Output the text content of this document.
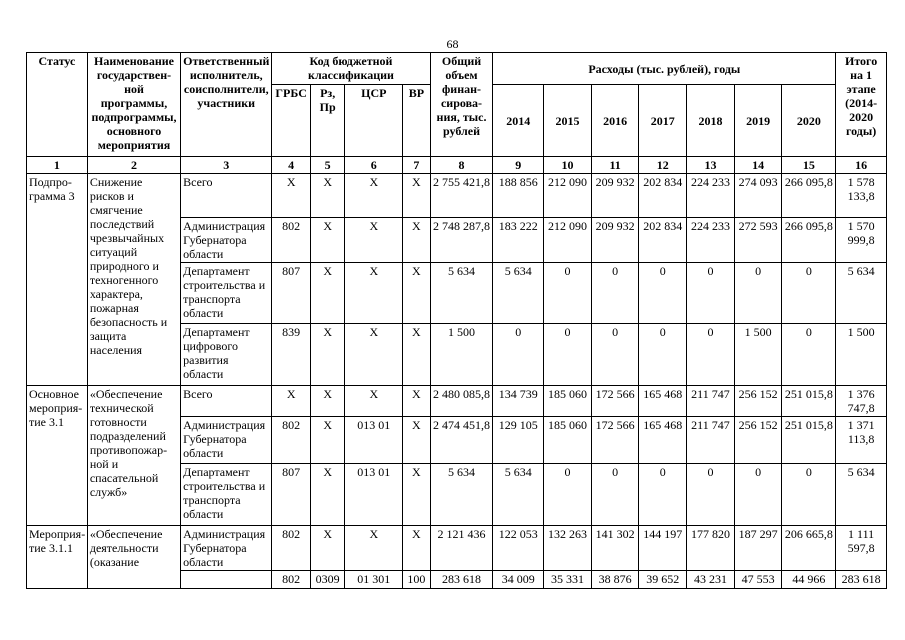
68
Статус	Наименование государствен-ной программы, подпрограммы, основного мероприятия	Ответственный исполнитель, соисполнители, участники	Код бюджетной классификации				Общий объем финан-сирова-ния, тыс. рублей	Расходы (тыс. рублей), годы							Итого на 1 этапе (2014-2020 годы)
			ГРБС	Рз, Пр	ЦСР	ВР		2014	2015	2016	2017	2018	2019	2020	
1	2	3	4	5	6	7	8	9	10	11	12	13	14	15	16
Подпро-грамма 3	Снижение рисков и смягчение последствий чрезвычайных ситуаций природного и техногенного характера, пожарная безопасность и защита населения	Всего	Х	Х	Х	Х	2 755 421,8	188 856	212 090	209 932	202 834	224 233	274 093	266 095,8	1 578 133,8
		Администрация Губернатора области	802	Х	Х	Х	2 748 287,8	183 222	212 090	209 932	202 834	224 233	272 593	266 095,8	1 570 999,8
		Департамент строительства и транспорта области	807	Х	Х	Х	5 634	5 634	0	0	0	0	0	0	5 634
		Департамент цифрового развития области	839	Х	Х	Х	1 500	0	0	0	0	0	1 500	0	1 500
Основное мероприя-тие 3.1	«Обеспечение технической готовности подразделений противопожар-ной и спасательной служб»	Всего	Х	Х	Х	Х	2 480 085,8	134 739	185 060	172 566	165 468	211 747	256 152	251 015,8	1 376 747,8
		Администрация Губернатора области	802	Х	013 01	Х	2 474 451,8	129 105	185 060	172 566	165 468	211 747	256 152	251 015,8	1 371 113,8
		Департамент строительства и транспорта области	807	Х	013 01	Х	5 634	5 634	0	0	0	0	0	0	5 634
Мероприя-тие 3.1.1	«Обеспечение деятельности (оказание	Администрация Губернатора области	802	Х	Х	Х	2 121 436	122 053	132 263	141 302	144 197	177 820	187 297	206 665,8	1 111 597,8
			802	0309	01 301	100	283 618	34 009	35 331	38 876	39 652	43 231	47 553	44 966	283 618
